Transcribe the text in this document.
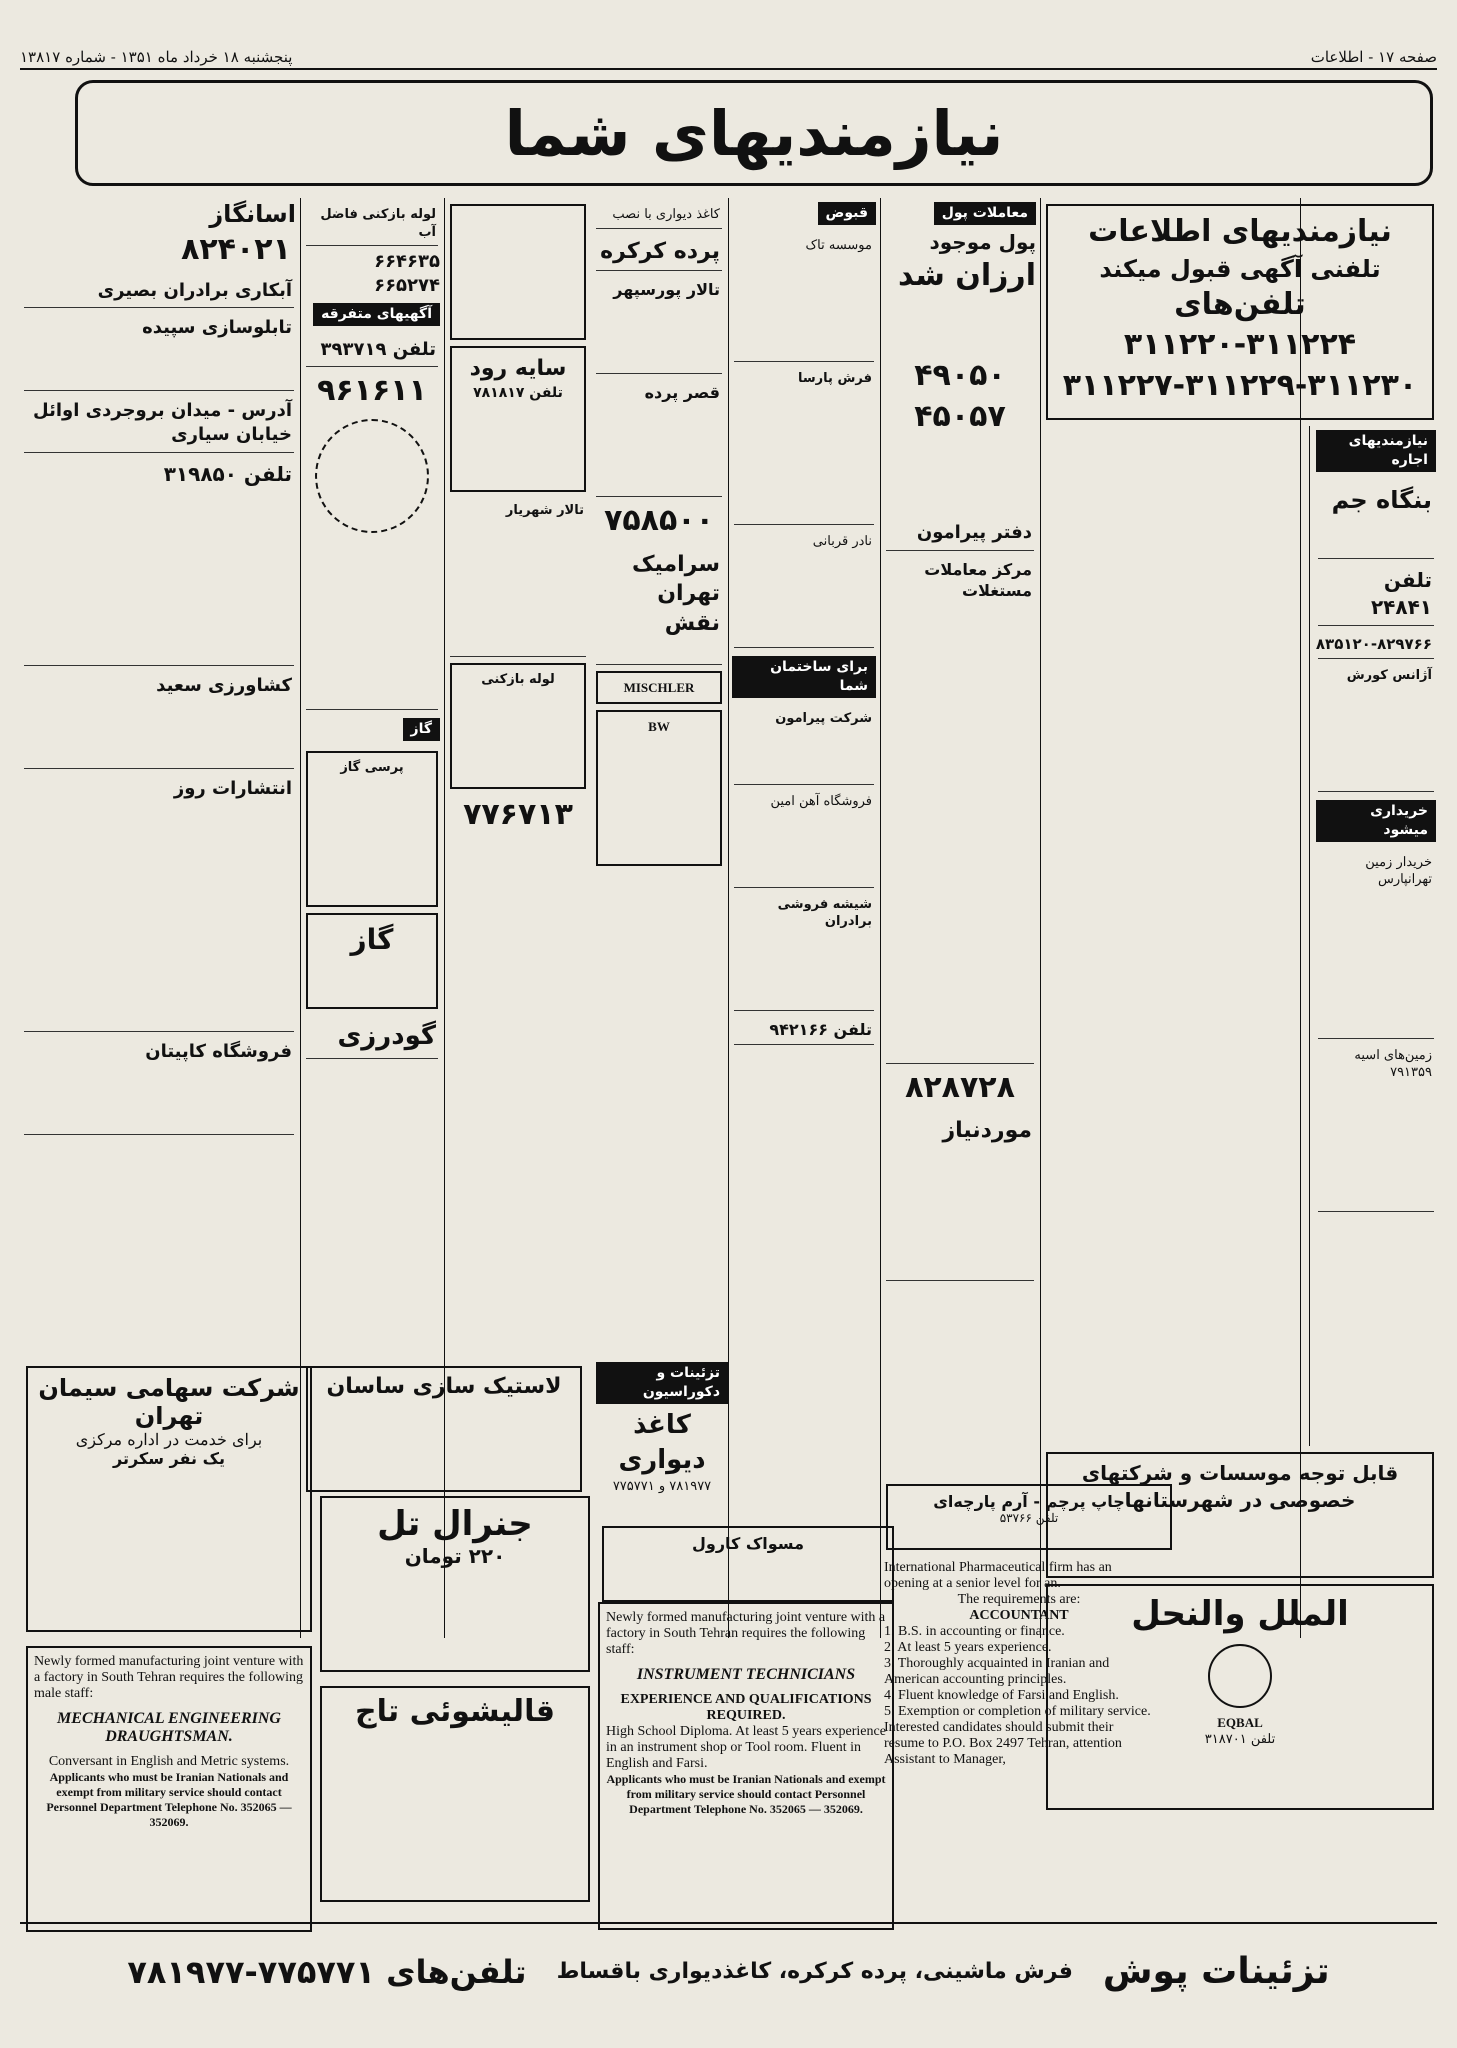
پنجشنبه ۱۸ خرداد ماه ۱۳۵۱ - شماره ۱۳۸۱۷	صفحه ۱۷ - اطلاعات
نیازمندیهای شما
نیازمندیهای اطلاعات
تلفنی آگهی قبول میکند
تلفن‌های ۳۱۱۲۲۴-۳۱۱۲۲۰
۳۱۱۲۲۷-۳۱۱۲۲۹-۳۱۱۲۳۰
نیازمندیهای اجاره
بنگاه جم
تلفن ۲۴۸۴۱
۸۳۵۱۲۰-۸۲۹۷۶۶
آژانس کورش
خریداری میشود
خریدار زمین تهرانپارس
زمین‌های اسیه ۷۹۱۳۵۹
قابل توجه موسسات و شرکتهای خصوصی در شهرستانها
الملل والنحل
EQBAL
تلفن ۳۱۸۷۰۱
معاملات پول
پول موجود
ارزان شد
۴۹۰۵۰
۴۵۰۵۷
دفتر پیرامون
مرکز معاملات مستغلات
۸۲۸۷۲۸
موردنیاز
قبوض
موسسه تاک
فرش پارسا
نادر قربانی
برای ساختمان شما
شرکت پیرامون
فروشگاه آهن امین
شیشه فروشی برادران
تلفن ۹۴۲۱۶۶
تزئینات و دکوراسیون
کاغذ دیواری
۷۸۱۹۷۷ و ۷۷۵۷۷۱
کاغذ دیواری با نصب
پرده کرکره
تالار پورسپهر
قصر پرده
۷۵۸۵۰۰
سرامیک تهران نقش
MISCHLER
BW
سایه رود
تلفن ۷۸۱۸۱۷
تالار شهریار
لوله بازکنی
۷۷۶۷۱۳
لوله بازکنی فاضل آب
۶۶۴۶۳۵
۶۶۵۲۷۴
آگهیهای متفرقه
تلفن ۳۹۳۷۱۹
۹۶۱۶۱۱
گاز
پرسی گاز
گاز
گودرزی
اسانگاز
۸۲۴۰۲۱
آبکاری برادران بصیری
تابلوسازی سپیده
آدرس - میدان بروجردی اوائل خیابان سیاری
تلفن ۳۱۹۸۵۰
کشاورزی سعید
انتشارات روز
فروشگاه کاپیتان
شرکت سهامی سیمان تهران
برای خدمت در اداره مرکزی
یک نفر سکرتر
لاستیک سازی ساسان
جنرال تل
۲۲۰ تومان
قالیشوئی تاج
مسواک کارول
چاپ پرچم - آرم پارچه‌ای
تلفن ۵۳۷۶۶
Newly formed manufacturing joint venture with a factory in South Tehran requires the following male staff:
MECHANICAL ENGINEERING DRAUGHTSMAN.
Conversant in English and Metric systems.
Applicants who must be Iranian Nationals and exempt from military service should contact Personnel Department Telephone No. 352065 — 352069.
Newly formed manufacturing joint venture with a factory in South Tehran requires the following staff:
INSTRUMENT TECHNICIANS
EXPERIENCE AND QUALIFICATIONS REQUIRED.
High School Diploma. At least 5 years experience in an instrument shop or Tool room. Fluent in English and Farsi.
Applicants who must be Iranian Nationals and exempt from military service should contact Personnel Department Telephone No. 352065 — 352069.
International Pharmaceutical firm has an opening at a senior level for an.
The requirements are:
ACCOUNTANT
1. B.S. in accounting or finance.
2. At least 5 years experience.
3. Thoroughly acquainted in Iranian and American accounting principles.
4. Fluent knowledge of Farsi and English.
5. Exemption or completion of military service.
Interested candidates should submit their resume to P.O. Box 2497 Tehran, attention Assistant to Manager,
تزئینات پوش
فرش ماشینی، پرده کرکره، کاغذدیواری باقساط
تلفن‌های ۷۷۵۷۷۱-۷۸۱۹۷۷
